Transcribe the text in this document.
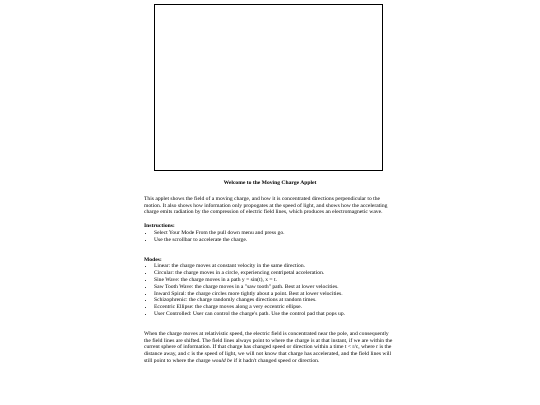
Welcome to the Moving Charge Applet

This applet shows the field of a moving charge, and how it is concentrated directions perpendicular to the motion. It also shows how information only propogates at the speed of light, and shows how the accelerating charge emits radiation by the compression of electric field lines, which produces an electromagnetic wave.

Instructions:

• Select Your Mode From the pull down menu and press go.
• Use the scrollbar to accelerate the charge.

Modes:

• Linear: the charge moves at constant velocity in the same direction.
• Circular: the charge moves in a circle, experiencing centripetal acceleration.
• Sine Wave: the charge moves in a path y = sin(t), x = t.
• Saw Tooth Wave: the charge moves in a "saw tooth" path. Best at lower velocities.
• Inward Spiral: the charge circles more tightly about a point. Best at lower velocities.
• Schizophrenic: the charge randomly changes directions at random times.
• Eccentric Ellipse: the charge moves along a very eccentric ellipse.
• User Controlled: User can control the charge's path. Use the control pad that pops up.

When the charge moves at relativistic speed, the electric field is concentrated near the pole, and consequently the field lines are shifted. The field lines always point to where the charge is at that instant, if we are within the current sphere of information. If that charge has changed speed or direction within a time t < r/c, where r is the distance away, and c is the speed of light, we will not know that charge has accelerated, and the field lines will still point to where the charge would be if it hadn't changed speed or direction.
